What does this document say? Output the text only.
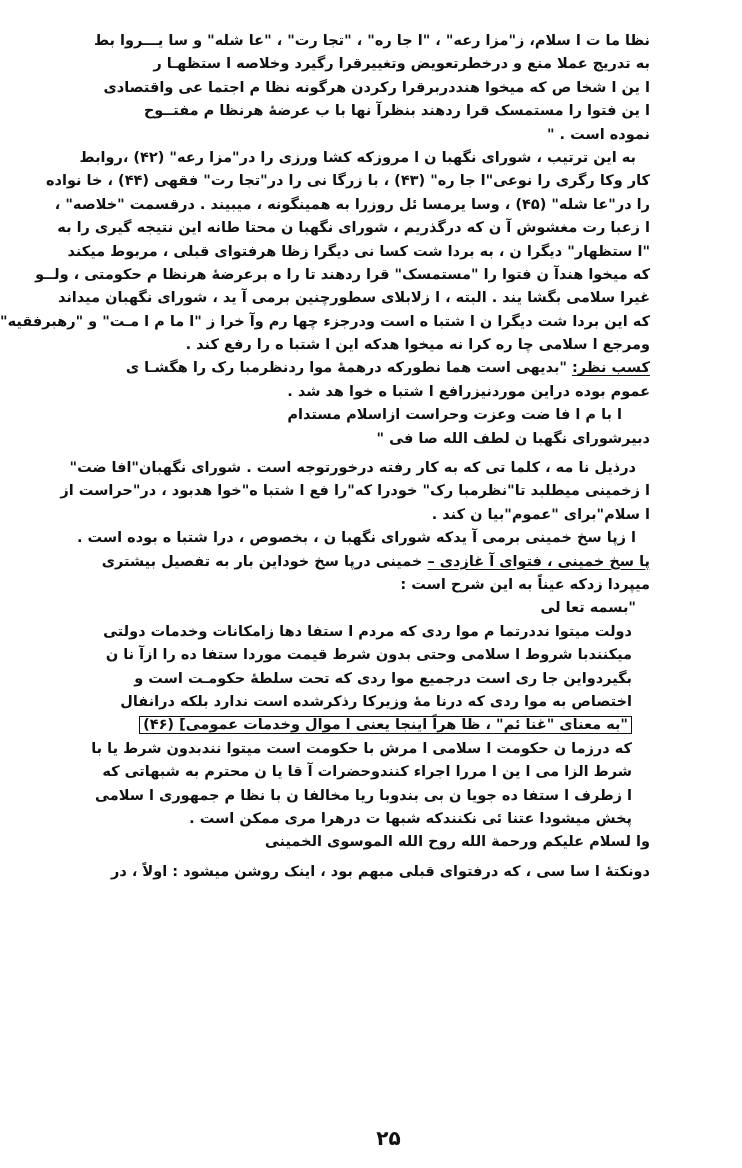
نظا ما ت ا سلام، ز"مزا رعه" ، "ا جا ره" ، "تجا رت" ، "عا شله" و سا یـــروا بط
به تدریج عملا منع و درخطرتعویض وتغییرقرا رگیرد وخلاصه ا ستظهـا ر
ا ین ا شخا ص که میخوا هنددربرقرا رکردن هرگونه نظا م اجتما عی واقتصادی
ا ین فتوا را مستمسک قرا ردهند بنظرآ نها با ب عرضهٔ هرنظا م مفتــوح
نموده است . "
به این ترتیب ، شورای نگهبا ن ا مروزکه کشا ورزی را در"مزا رعه" (۴۲) ،روابط
کار وکا رگری را نوعی"ا جا ره" (۴۳) ، با زرگا نی را در"تجا رت" فقهی (۴۴) ، خا نواده
را در"عا شله" (۴۵) ، وسا یرمسا ئل روزرا به همینگونه ، میبیند . درقسمت "خلاصه" ،
ا زعبا رت مغشوش آ ن که درگذریم ، شورای نگهبا ن محتا طانه این نتیجه گیری را به
"ا ستظهار" دیگرا ن ، به بردا شت کسا نی دیگرا زظا هرفتوای قبلی ، مربوط میکند
که میخوا هندآ ن فتوا را "مستمسک" قرا ردهند تا را ه برعرضهٔ هرنظا م حکومتی ، ولــو
غیرا سلامی بگشا یند . البته ، ا زلابلای سطورچنین برمی آ ید ، شورای نگهبان میداند
که این بردا شت دیگرا ن ا شتبا ه است ودرجزء چها رم وآ خرا ز "ا ما م ا مـت" و "رهبرفقیه"
ومرجع ا سلامی چا ره کرا نه میخوا هدکه این ا شتبا ه را رفع کند .
کسب نظر: "بدیهی است هما نطورکه درهمهٔ موا ردنظرمبا رک را هگشـا ی
عموم بوده دراین موردنیزرافع ا شتبا ه خوا هد شد .
ا با م ا فا ضت وعزت وحراست ازاسلام مستدام
دبیرشورای نگهبا ن لطف الله صا فی "
درذیل نا مه ، کلما تی که به کار رفته درخورتوجه است . شورای نگهبان"افا ضت"
ا زخمینی میطلبد تا"نظرمبا رک" خودرا که"را فع ا شتبا ه"خوا هدبود ، در"حراست از
ا سلام"برای "عموم"بیا ن کند .
ا زپا سخ خمینی برمی آ یدکه شورای نگهبا ن ، بخصوص ، درا شتبا ه بوده است .
پا سخ خمینی ، فتوای آ غازدی – خمینی درپا سخ خوداین بار به تفصیل بیشتری
میپردا زدکه عیناً به این شرح است :
"بسمه تعا لی
دولت میتوا نددرتما م موا ردی که مردم ا ستفا دها زامکانات وخدمات دولتی
میکنندبا شروط ا سلامی وحتی بدون شرط قیمت موردا ستفا ده را ازآ نا ن
بگیردواین جا ری است درجمیع موا ردی که تحت سلطهٔ حکومـت است و
اختصاص به موا ردی که درنا مهٔ وزیرکا رذکرشده است ندارد بلکه درانفال
"به معنای "غنا ئم" ، ظا هراً اینجا یعنی ا موال وخدمات عمومی] (۴۶)
که درزما ن حکومت ا سلامی ا مرش با حکومت است میتوا نندبدون شرط یا با
شرط الزا می ا ین ا مررا اجراء کنندوحضرات آ قا یا ن محترم به شبهاتی که
ا زطرف ا ستفا ده جویا ن بی بندوبا ریا مخالفا ن با نظا م جمهوری ا سلامی
پخش میشودا عتنا ئی نکنندکه شبها ت درهرا مری ممکن است .
وا لسلام علیکم ورحمة الله روح الله الموسوی الخمینی
دونکتهٔ ا سا سی ، که درفتوای قبلی مبهم بود ، اینک روشن میشود : اولاً ، در
۲۵
